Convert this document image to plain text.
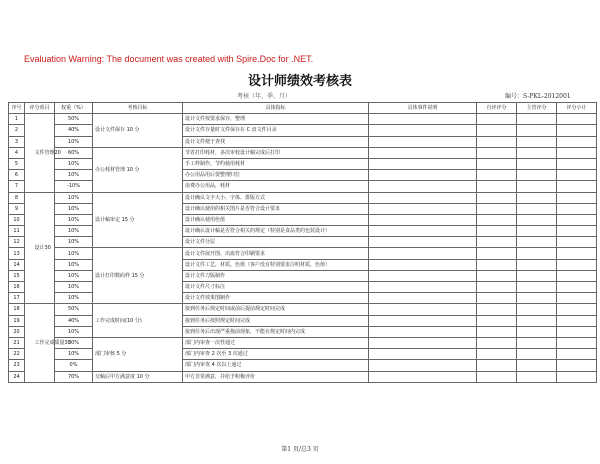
Evaluation Warning: The document was created with Spire.Doc for .NET.
设计师绩效考核表
考核（年、季、月）	编号：S-PKL-2012001
序号	评分项目	权重（%）	考核目标	具体指标	具体事件说明	自评评分	主管评分	评分小计
1	文件管理20	50%	设计文件保存 10 分	设计文件按要求保存，整理				
2		40%		设计文件存量时文件保存在 C 盘文件目录				
3		10%		设计文件便于查找				
4		60%	办公耗材管理 10 分	节省打印耗材，多次审校设计稿完成后打印				
5		10%		手工样制作，节约使用耗材				
6		10%		办公用品用后要整理归位				
7		-10%		浪费办公用品，耗材				
8	设计30	10%	设计稿审定 15 分	设计确认文字大小、字体、排版方式				
9		10%		设计确认使用的相关图片是否符合设计要求				
10		10%		设计确认使用色值				
11		10%		设计确认设计稿是否符合相关的规定（特别是食品类的包装设计）				
12		10%		设计文件分层				
13		10%	设计打印数码样 15 分	设计文件展开图、出血符合印刷要求				
14		10%		设计文件工艺，材质、色值（客户没有特别要求注明材质，色值）				
15		10%		设计文件刀版制作				
16		10%		设计文件尺寸标注				
17		10%		设计文件效果图制作				
18	工作完成质量30	50%	工作完成时间(10 分)	接到任务后规定时间或前后提前规定时间完成				
19		40%		接到任务后按照规定时间完成				
20		10%		接到任务后出现严重拖前现象，不能在规定时间内完成				
21		30%	部门审核 5 分	部门内审查一次性通过				
22		10%		部门内审查 2 次至 3 次通过				
23		0%		部门内审查 4 次以上通过				
24		70%	交稿后甲方满意度 10 分	甲方非常满意，并给予积极评价				
第1 页/总3 页
